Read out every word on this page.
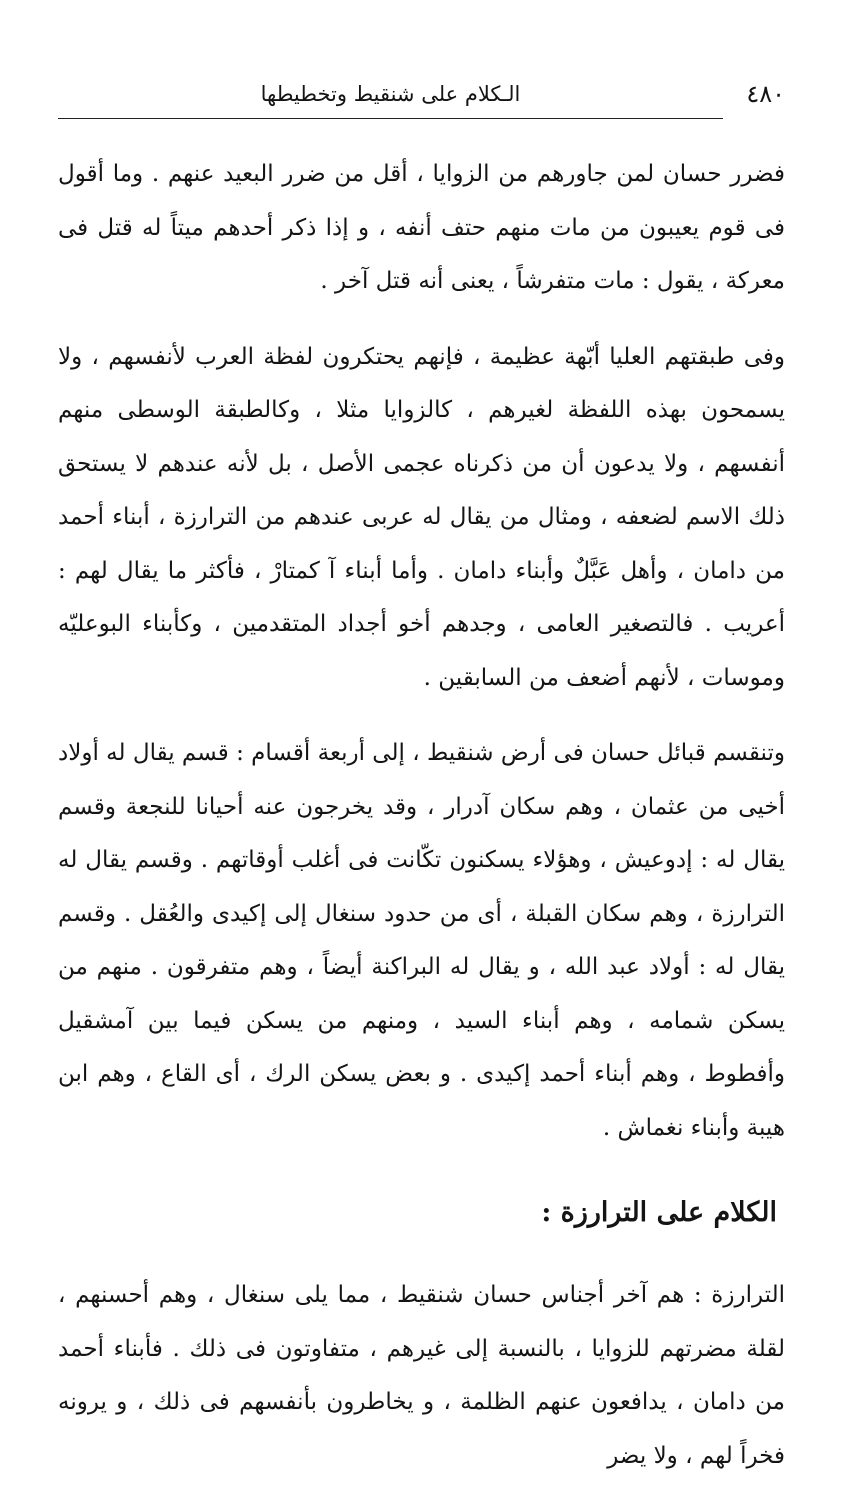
٤٨٠
الـكلام على شنقيط وتخطيطها

فضرر حسان لمن جاورهم من الزوايا ، أقل من ضرر البعيد عنهم . وما أقول فى قوم يعيبون من مات منهم حتف أنفه ، و إذا ذكر أحدهم ميتاً له قتل فى معركة ، يقول : مات متفرشاً ، يعنى أنه قتل آخر .

وفى طبقتهم العليا أبّهة عظيمة ، فإنهم يحتكرون لفظة العرب لأنفسهم ، ولا يسمحون بهذه اللفظة لغيرهم ، كالزوايا مثلا ، وكالطبقة الوسطى منهم أنفسهم ، ولا يدعون أن من ذكرناه عجمى الأصل ، بل لأنه عندهم لا يستحق ذلك الاسم لضعفه ، ومثال من يقال له عربى عندهم من الترارزة ، أبناء أحمد من دامان ، وأهل عَبَّلٌ وأبناء دامان . وأما أبناء آ كمتارْ ، فأكثر ما يقال لهم : أعريب . فالتصغير العامى ، وجدهم أخو أجداد المتقدمين ، وكأبناء البوعليّه وموسات ، لأنهم أضعف من السابقين .

وتنقسم قبائل حسان فى أرض شنقيط ، إلى أربعة أقسام : قسم يقال له أولاد أخيى من عثمان ، وهم سكان آدرار ، وقد يخرجون عنه أحيانا للنجعة وقسم يقال له : إدوعيش ، وهؤلاء يسكنون تكّانت فى أغلب أوقاتهم . وقسم يقال له الترارزة ، وهم سكان القبلة ، أى من حدود سنغال إلى إكيدى والعُقل . وقسم يقال له : أولاد عبد الله ، و يقال له البراكنة أيضاً ، وهم متفرقون . منهم من يسكن شمامه ، وهم أبناء السيد ، ومنهم من يسكن فيما بين آمشقيل وأفطوط ، وهم أبناء أحمد إكيدى . و بعض يسكن الرك ، أى القاع ، وهم ابن هيبة وأبناء نغماش .

الكلام على الترارزة :

الترارزة : هم آخر أجناس حسان شنقيط ، مما يلى سنغال ، وهم أحسنهم ، لقلة مضرتهم للزوايا ، بالنسبة إلى غيرهم ، متفاوتون فى ذلك . فأبناء أحمد من دامان ، يدافعون عنهم الظلمة ، و يخاطرون بأنفسهم فى ذلك ، و يرونه فخراً لهم ، ولا يضر
